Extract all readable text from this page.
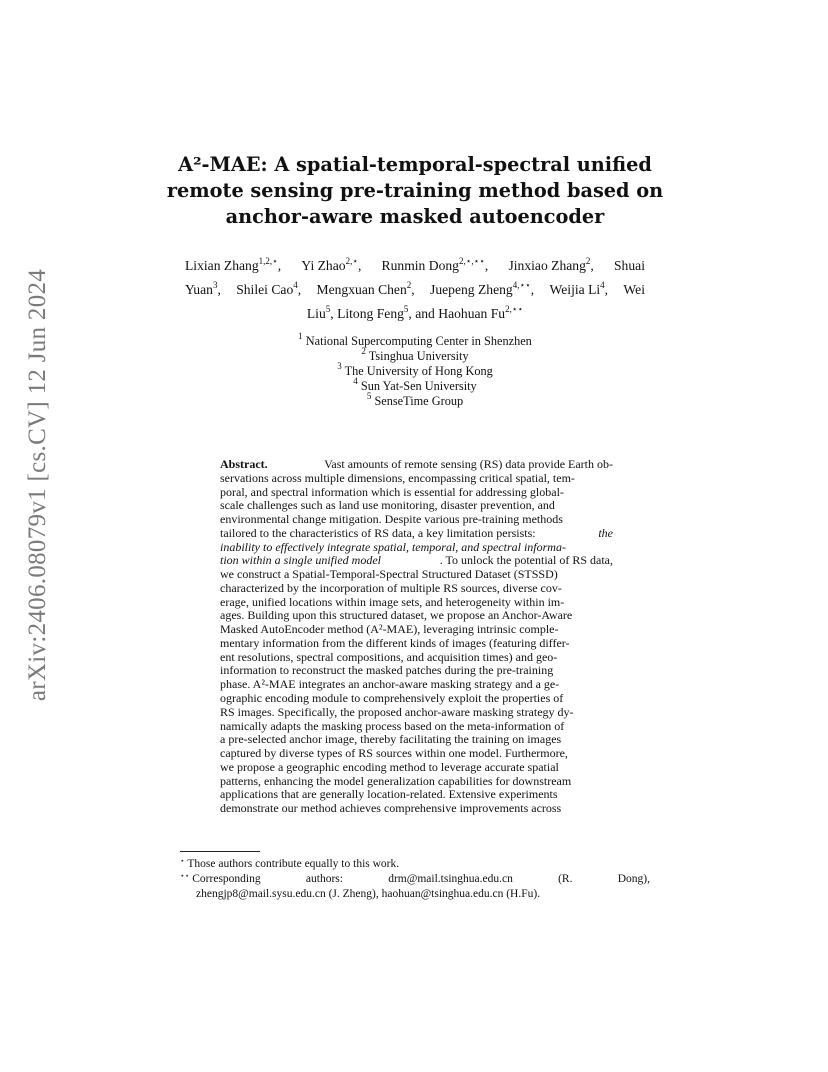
arXiv:2406.08079v1 [cs.CV] 12 Jun 2024
A²-MAE: A spatial-temporal-spectral unified
remote sensing pre-training method based on
anchor-aware masked autoencoder
Lixian Zhang$^{1,2,⋆}$, Yi Zhao$^{2,⋆}$, Runmin Dong$^{2,⋆,⋆⋆}$, Jinxiao Zhang$^2$, Shuai
Yuan$^3$, Shilei Cao$^4$, Mengxuan Chen$^2$, Juepeng Zheng$^{4,⋆⋆}$, Weijia Li$^4$, Wei
Liu$^5$, Litong Feng$^5$, and Haohuan $Fu^{2,⋆⋆}$
$^1$ National Supercomputing Center in Shenzhen
$^2$ Tsinghua University
$^3$ The University of Hong Kong
$^4$ Sun Yat-Sen University
$^5$ SenseTime Group
Abstract.	Vast amounts of remote sensing (RS) data provide Earth ob-
servations across multiple dimensions, encompassing critical spatial, tem-
poral, and spectral information which is essential for addressing global-
scale challenges such as land use monitoring, disaster prevention, and
environmental change mitigation. Despite various pre-training methods
tailored to the characteristics of RS data, a key limitation persists:	the
inability to effectively integrate spatial, temporal, and spectral informa-
tion within a single unified model	. To unlock the potential of RS data,
we construct a Spatial-Temporal-Spectral Structured Dataset (STSSD)
characterized by the incorporation of multiple RS sources, diverse cov-
erage, unified locations within image sets, and heterogeneity within im-
ages. Building upon this structured dataset, we propose an Anchor-Aware
Masked AutoEncoder method (A²-MAE), leveraging intrinsic comple-
mentary information from the different kinds of images (featuring differ-
ent resolutions, spectral compositions, and acquisition times) and geo-
information to reconstruct the masked patches during the pre-training
phase. A²-MAE integrates an anchor-aware masking strategy and a ge-
ographic encoding module to comprehensively exploit the properties of
RS images. Specifically, the proposed anchor-aware masking strategy dy-
namically adapts the masking process based on the meta-information of
a pre-selected anchor image, thereby facilitating the training on images
captured by diverse types of RS sources within one model. Furthermore,
we propose a geographic encoding method to leverage accurate spatial
patterns, enhancing the model generalization capabilities for downstream
applications that are generally location-related. Extensive experiments
demonstrate our method achieves comprehensive improvements across
⋆ Those authors contribute equally to this work.
⋆⋆ Corresponding	authors:	drm@mail.tsinghua.edu.cn	(R.	Dong),
zhengjp8@mail.sysu.edu.cn (J. Zheng), haohuan@tsinghua.edu.cn (H.Fu).
